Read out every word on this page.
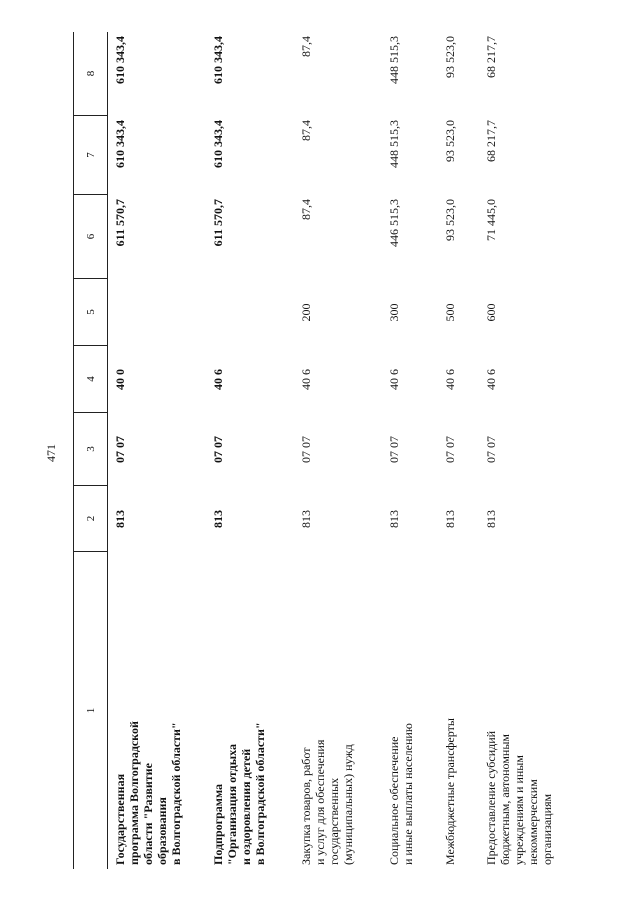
471
1
2
3
4
5
6
7
8
Государственная
программа Волгоградской
области "Развитие
образования
в Волгоградской области"
813
07 07
40 0
611 570,7
610 343,4
610 343,4
Подпрограмма
"Организация отдыха
и оздоровления детей
в Волгоградской области"
813
07 07
40 6
611 570,7
610 343,4
610 343,4
Закупка товаров, работ
и услуг для обеспечения
государственных
(муниципальных) нужд
813
07 07
40 6
200
87,4
87,4
87,4
Социальное обеспечение
и иные выплаты населению
813
07 07
40 6
300
446 515,3
448 515,3
448 515,3
Межбюджетные трансферты
813
07 07
40 6
500
93 523,0
93 523,0
93 523,0
Предоставление субсидий
бюджетным, автономным
учреждениям и иным
некоммерческим
организациям
813
07 07
40 6
600
71 445,0
68 217,7
68 217,7
